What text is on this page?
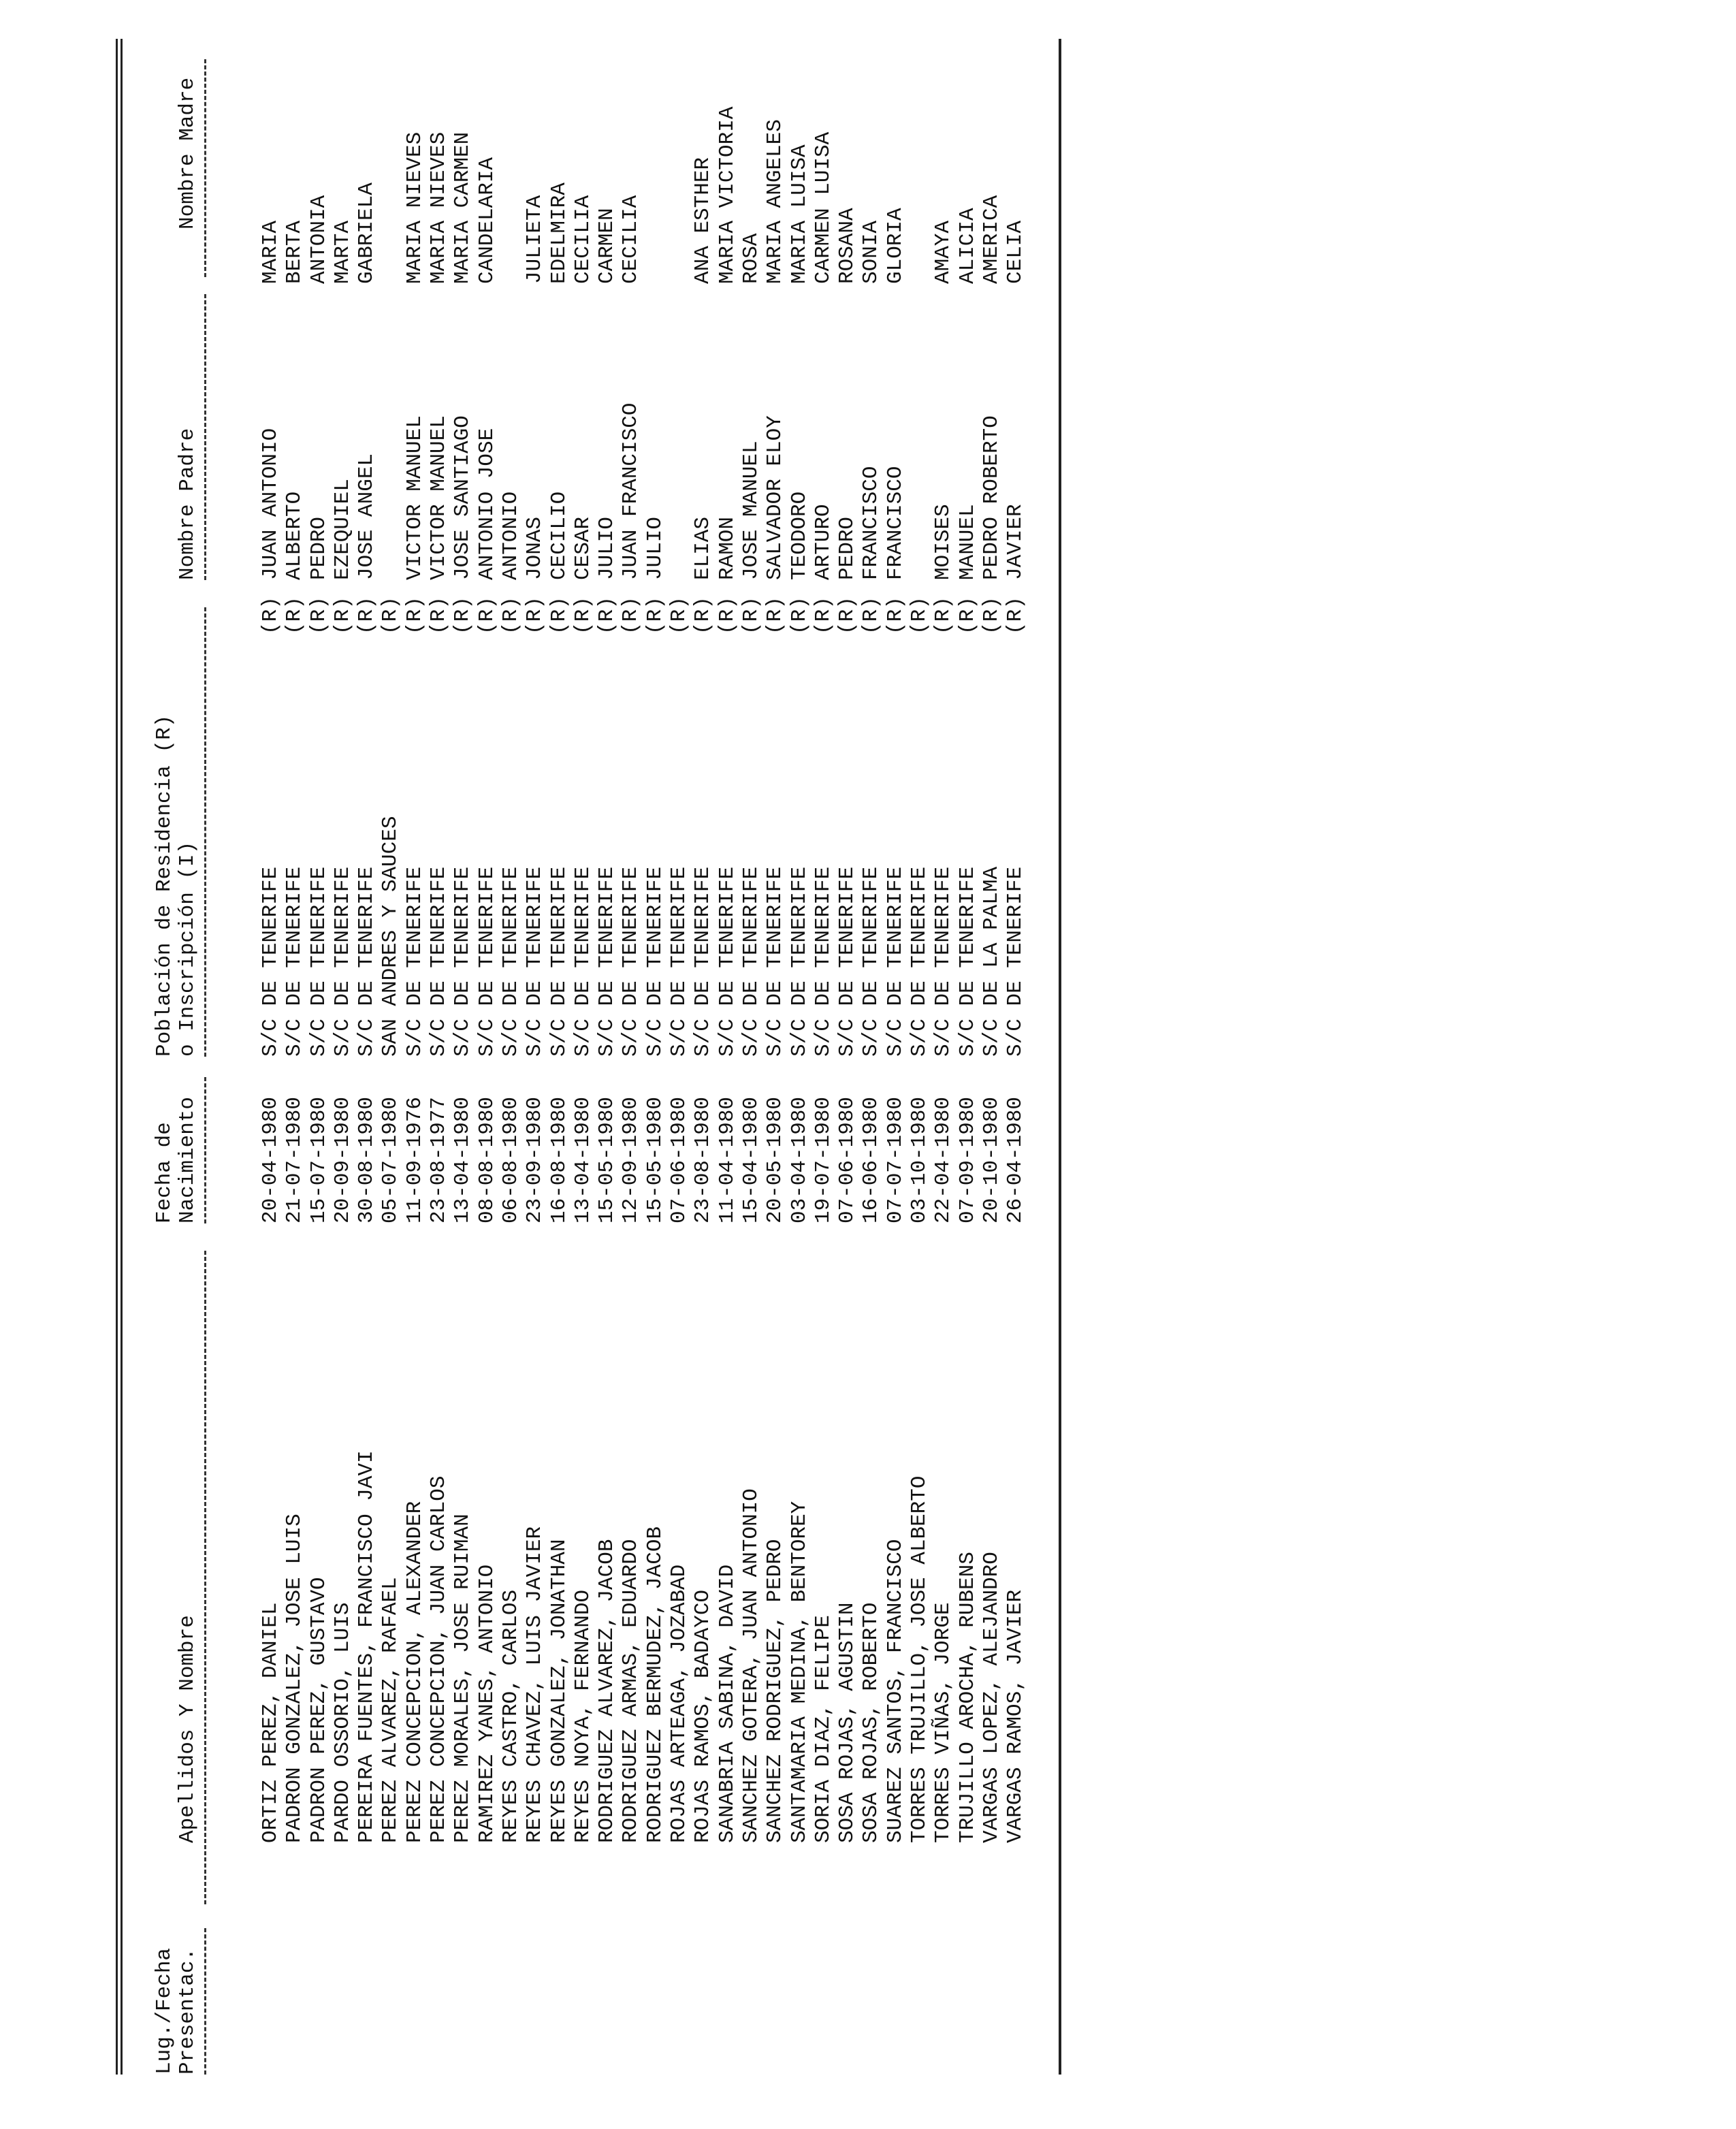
Lug./Fecha Presentac.
Apellidos Y Nombre
Fecha de Nacimiento
Población de Residencia (R) o Inscripción (I)
Nombre Padre
Nombre Madre
ORTIZ PEREZ, DANIEL
20-04-1980
S/C DE TENERIFE
(R)
JUAN ANTONIO
MARIA
PADRON GONZALEZ, JOSE LUIS
21-07-1980
S/C DE TENERIFE
(R)
ALBERTO
BERTA
PADRON PEREZ, GUSTAVO
15-07-1980
S/C DE TENERIFE
(R)
PEDRO
ANTONIA
PARDO OSSORIO, LUIS
20-09-1980
S/C DE TENERIFE
(R)
EZEQUIEL
MARTA
PEREIRA FUENTES, FRANCISCO JAVI
30-08-1980
S/C DE TENERIFE
(R)
JOSE ANGEL
GABRIELA
PEREZ ALVAREZ, RAFAEL
05-07-1980
SAN ANDRES Y SAUCES
(R)
PEREZ CONCEPCION, ALEXANDER
11-09-1976
S/C DE TENERIFE
(R)
VICTOR MANUEL
MARIA NIEVES
PEREZ CONCEPCION, JUAN CARLOS
23-08-1977
S/C DE TENERIFE
(R)
VICTOR MANUEL
MARIA NIEVES
PEREZ MORALES, JOSE RUIMAN
13-04-1980
S/C DE TENERIFE
(R)
JOSE SANTIAGO
MARIA CARMEN
RAMIREZ YANES, ANTONIO
08-08-1980
S/C DE TENERIFE
(R)
ANTONIO JOSE
CANDELARIA
REYES CASTRO, CARLOS
06-08-1980
S/C DE TENERIFE
(R)
ANTONIO
REYES CHAVEZ, LUIS JAVIER
23-09-1980
S/C DE TENERIFE
(R)
JONAS
JULIETA
REYES GONZALEZ, JONATHAN
16-08-1980
S/C DE TENERIFE
(R)
CECILIO
EDELMIRA
REYES NOYA, FERNANDO
13-04-1980
S/C DE TENERIFE
(R)
CESAR
CECILIA
RODRIGUEZ ALVAREZ, JACOB
15-05-1980
S/C DE TENERIFE
(R)
JULIO
CARMEN
RODRIGUEZ ARMAS, EDUARDO
12-09-1980
S/C DE TENERIFE
(R)
JUAN FRANCISCO
CECILIA
RODRIGUEZ BERMUDEZ, JACOB
15-05-1980
S/C DE TENERIFE
(R)
JULIO
ROJAS ARTEAGA, JOZABAD
07-06-1980
S/C DE TENERIFE
(R)
ROJAS RAMOS, BADAYCO
23-08-1980
S/C DE TENERIFE
(R)
ELIAS
ANA ESTHER
SANABRIA SABINA, DAVID
11-04-1980
S/C DE TENERIFE
(R)
RAMON
MARIA VICTORIA
SANCHEZ GOTERA, JUAN ANTONIO
15-04-1980
S/C DE TENERIFE
(R)
JOSE MANUEL
ROSA
SANCHEZ RODRIGUEZ, PEDRO
20-05-1980
S/C DE TENERIFE
(R)
SALVADOR ELOY
MARIA ANGELES
SANTAMARIA MEDINA, BENTOREY
03-04-1980
S/C DE TENERIFE
(R)
TEODORO
MARIA LUISA
SORIA DIAZ, FELIPE
19-07-1980
S/C DE TENERIFE
(R)
ARTURO
CARMEN LUISA
SOSA ROJAS, AGUSTIN
07-06-1980
S/C DE TENERIFE
(R)
PEDRO
ROSANA
SOSA ROJAS, ROBERTO
16-06-1980
S/C DE TENERIFE
(R)
FRANCISCO
SONIA
SUAREZ SANTOS, FRANCISCO
07-07-1980
S/C DE TENERIFE
(R)
FRANCISCO
GLORIA
TORRES TRUJILLO, JOSE ALBERTO
03-10-1980
S/C DE TENERIFE
(R)
TORRES VIÑAS, JORGE
22-04-1980
S/C DE TENERIFE
(R)
MOISES
AMAYA
TRUJILLO AROCHA, RUBENS
07-09-1980
S/C DE TENERIFE
(R)
MANUEL
ALICIA
VARGAS LOPEZ, ALEJANDRO
20-10-1980
S/C DE LA PALMA
(R)
PEDRO ROBERTO
AMERICA
VARGAS RAMOS, JAVIER
26-04-1980
S/C DE TENERIFE
(R)
JAVIER
CELIA
